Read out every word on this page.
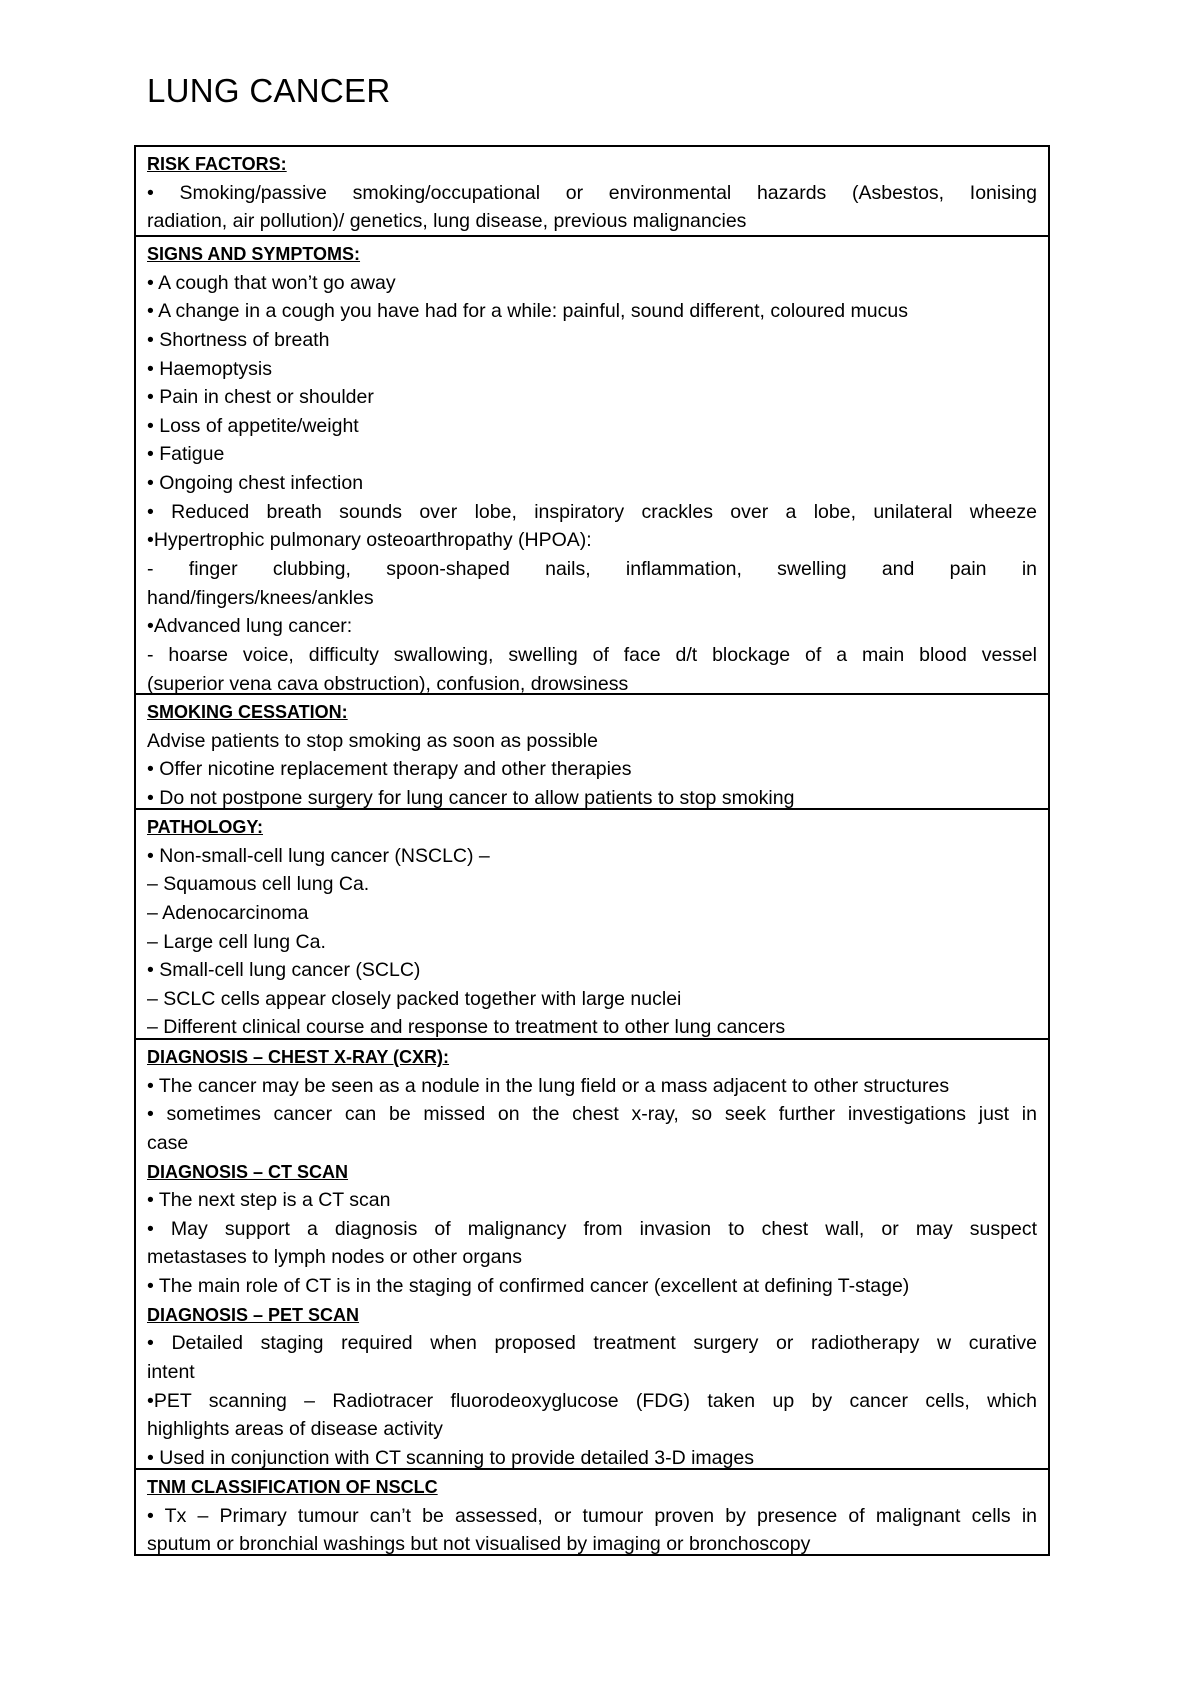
LUNG CANCER
RISK FACTORS:
• Smoking/passive smoking/occupational or environmental hazards (Asbestos, Ionising
radiation, air pollution)/ genetics, lung disease, previous malignancies
SIGNS AND SYMPTOMS:
• A cough that won’t go away
• A change in a cough you have had for a while: painful, sound different, coloured mucus
• Shortness of breath
• Haemoptysis
• Pain in chest or shoulder
• Loss of appetite/weight
• Fatigue
• Ongoing chest infection
• Reduced breath sounds over lobe, inspiratory crackles over a lobe, unilateral wheeze
•Hypertrophic pulmonary osteoarthropathy (HPOA):
- finger clubbing, spoon-shaped nails, inflammation, swelling and pain in
hand/fingers/knees/ankles
•Advanced lung cancer:
- hoarse voice, difficulty swallowing, swelling of face d/t blockage of a main blood vessel
(superior vena cava obstruction), confusion, drowsiness
SMOKING CESSATION:
Advise patients to stop smoking as soon as possible
• Offer nicotine replacement therapy and other therapies
• Do not postpone surgery for lung cancer to allow patients to stop smoking
PATHOLOGY:
• Non-small-cell lung cancer (NSCLC) –
– Squamous cell lung Ca.
– Adenocarcinoma
– Large cell lung Ca.
• Small-cell lung cancer (SCLC)
– SCLC cells appear closely packed together with large nuclei
– Different clinical course and response to treatment to other lung cancers
DIAGNOSIS – CHEST X-RAY (CXR):
• The cancer may be seen as a nodule in the lung field or a mass adjacent to other structures
• sometimes cancer can be missed on the chest x-ray, so seek further investigations just in
case
DIAGNOSIS – CT SCAN
• The next step is a CT scan
• May support a diagnosis of malignancy from invasion to chest wall, or may suspect
metastases to lymph nodes or other organs
• The main role of CT is in the staging of confirmed cancer (excellent at defining T-stage)
DIAGNOSIS – PET SCAN
• Detailed staging required when proposed treatment surgery or radiotherapy w curative
intent
•PET scanning – Radiotracer fluorodeoxyglucose (FDG) taken up by cancer cells, which
highlights areas of disease activity
• Used in conjunction with CT scanning to provide detailed 3-D images
TNM CLASSIFICATION OF NSCLC
• Tx – Primary tumour can’t be assessed, or tumour proven by presence of malignant cells in
sputum or bronchial washings but not visualised by imaging or bronchoscopy
